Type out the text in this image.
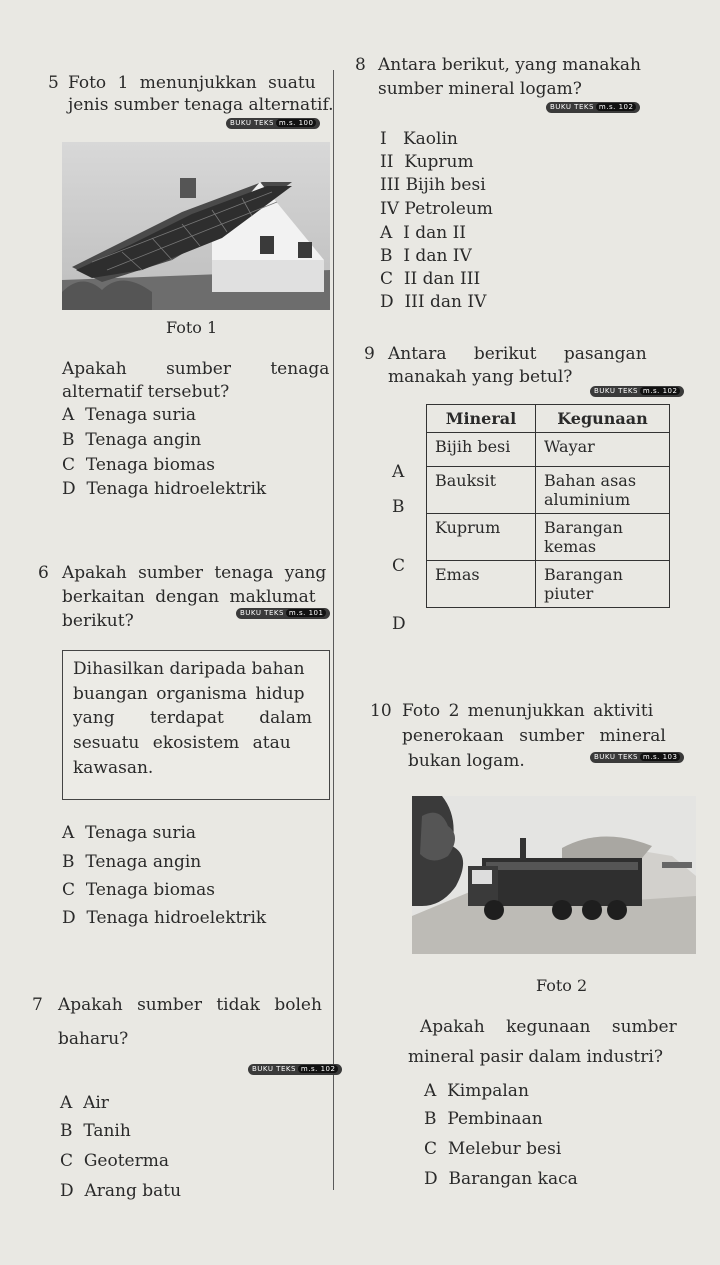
5 Foto 1 menunjukkan suatu
jenis sumber tenaga alternatif.
BUKU TEKS m.s. 100
Foto 1
Apakah sumber tenaga
alternatif tersebut?
A Tenaga suria
B Tenaga angin
C Tenaga biomas
D Tenaga hidroelektrik
6 Apakah sumber tenaga yang
berkaitan dengan maklumat
berikut?	BUKU TEKS m.s. 101
Dihasilkan daripada bahan
buangan organisma hidup
yang terdapat dalam
sesuatu ekosistem atau
kawasan.
A Tenaga suria
B Tenaga angin
C Tenaga biomas
D Tenaga hidroelektrik
7 Apakah sumber tidak boleh
baharu?
BUKU TEKS m.s. 102
A Air
B Tanih
C Geoterma
D Arang batu
8 Antara berikut, yang manakah
sumber mineral logam?
BUKU TEKS m.s. 102
I Kaolin
II Kuprum
III Bijih besi
IV Petroleum
A I dan II
B I dan IV
C II dan III
D III dan IV
9 Antara berikut pasangan
manakah yang betul?
BUKU TEKS m.s. 102
A
B
C
D
Mineral	Kegunaan
Bijih besi	Wayar
Bauksit	Bahan asas aluminium
Kuprum	Barangan kemas
Emas	Barangan piuter
10 Foto 2 menunjukkan aktiviti
penerokaan sumber mineral
bukan logam.	BUKU TEKS m.s. 103
Foto 2
Apakah kegunaan sumber
mineral pasir dalam industri?
A Kimpalan
B Pembinaan
C Melebur besi
D Barangan kaca
